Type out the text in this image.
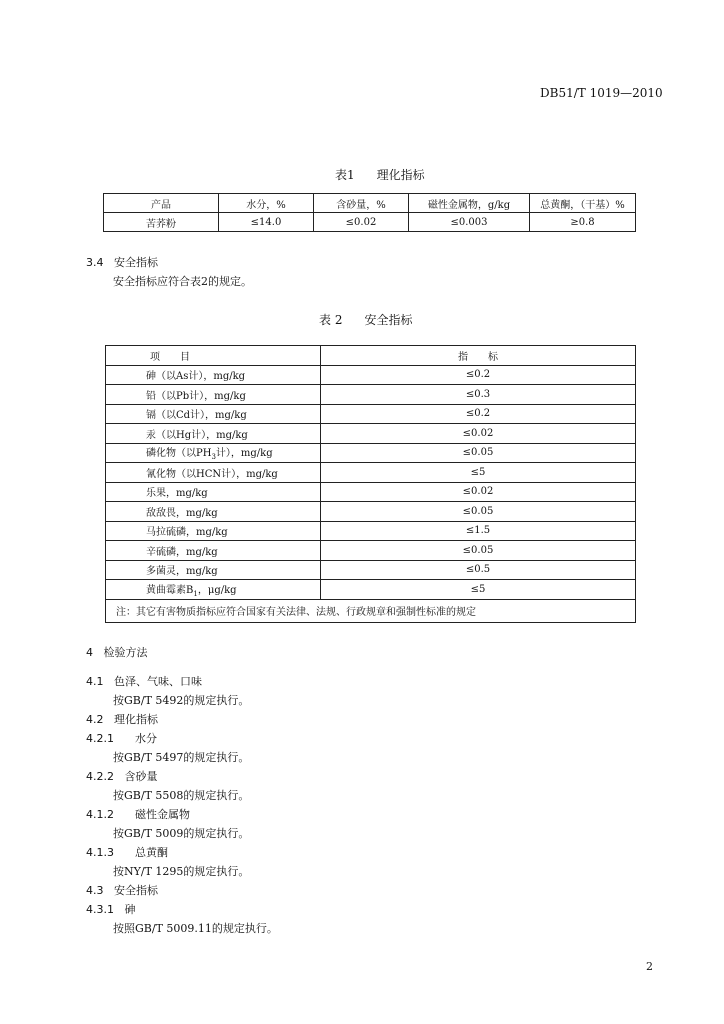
DB51/T 1019—2010
表1 理化指标
产品	水分，%	含砂量，%	磁性金属物，g/kg	总黄酮，（干基）%
苦荞粉	≤14.0	≤0.02	≤0.003	≥0.8
3.4 安全指标
安全指标应符合表2的规定。
表 2 安全指标
项　　目	指　　标
砷（以As计），mg/kg	≤0.2
铅（以Pb计），mg/kg	≤0.3
镉（以Cd计），mg/kg	≤0.2
汞（以Hg计），mg/kg	≤0.02
磷化物（以$PH_3$计），mg/kg	≤0.05
氰化物（以HCN计），mg/kg	≤5
乐果，mg/kg	≤0.02
敌敌畏，mg/kg	≤0.05
马拉硫磷，mg/kg	≤1.5
辛硫磷，mg/kg	≤0.05
多菌灵，mg/kg	≤0.5
黄曲霉素$B_1$，μg/kg	≤5
注：其它有害物质指标应符合国家有关法律、法规、行政规章和强制性标准的规定	
4 检验方法
4.1 色泽、气味、口味
按GB/T 5492的规定执行。
4.2 理化指标
4.2.1 水分
按GB/T 5497的规定执行。
4.2.2 含砂量
按GB/T 5508的规定执行。
4.1.2 磁性金属物
按GB/T 5009的规定执行。
4.1.3 总黄酮
按NY/T 1295的规定执行。
4.3 安全指标
4.3.1 砷
按照GB/T 5009.11的规定执行。
2
